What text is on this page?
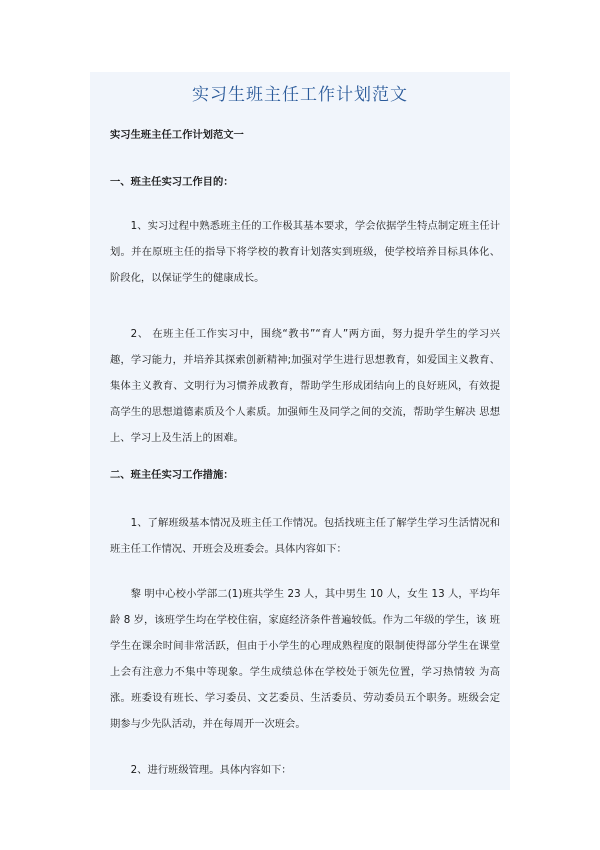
实习生班主任工作计划范文
实习生班主任工作计划范文一
一、班主任实习工作目的：
1、实习过程中熟悉班主任的工作极其基本要求，学会依据学生特点制定班主任计划。并在原班主任的指导下将学校的教育计划落实到班级，使学校培养目标具体化、阶段化，以保证学生的健康成长。
2、 在班主任工作实习中，围绕“教书”“育人”两方面，努力提升学生的学习兴趣，学习能力，并培养其探索创新精神;加强对学生进行思想教育，如爱国主义教育、 集体主义教育、文明行为习惯养成教育，帮助学生形成团结向上的良好班风，有效提高学生的思想道德素质及个人素质。加强师生及同学之间的交流，帮助学生解决 思想上、学习上及生活上的困难。
二、班主任实习工作措施：
1、了解班级基本情况及班主任工作情况。包括找班主任了解学生学习生活情况和班主任工作情况、开班会及班委会。具体内容如下：
黎 明中心校小学部二(1)班共学生 23 人，其中男生 10 人，女生 13 人，平均年龄 8 岁，该班学生均在学校住宿，家庭经济条件普遍较低。作为二年级的学生，该 班学生在课余时间非常活跃，但由于小学生的心理成熟程度的限制使得部分学生在课堂上会有注意力不集中等现象。学生成绩总体在学校处于领先位置，学习热情较 为高涨。班委设有班长、学习委员、文艺委员、生活委员、劳动委员五个职务。班级会定期参与少先队活动，并在每周开一次班会。
2、进行班级管理。具体内容如下：
